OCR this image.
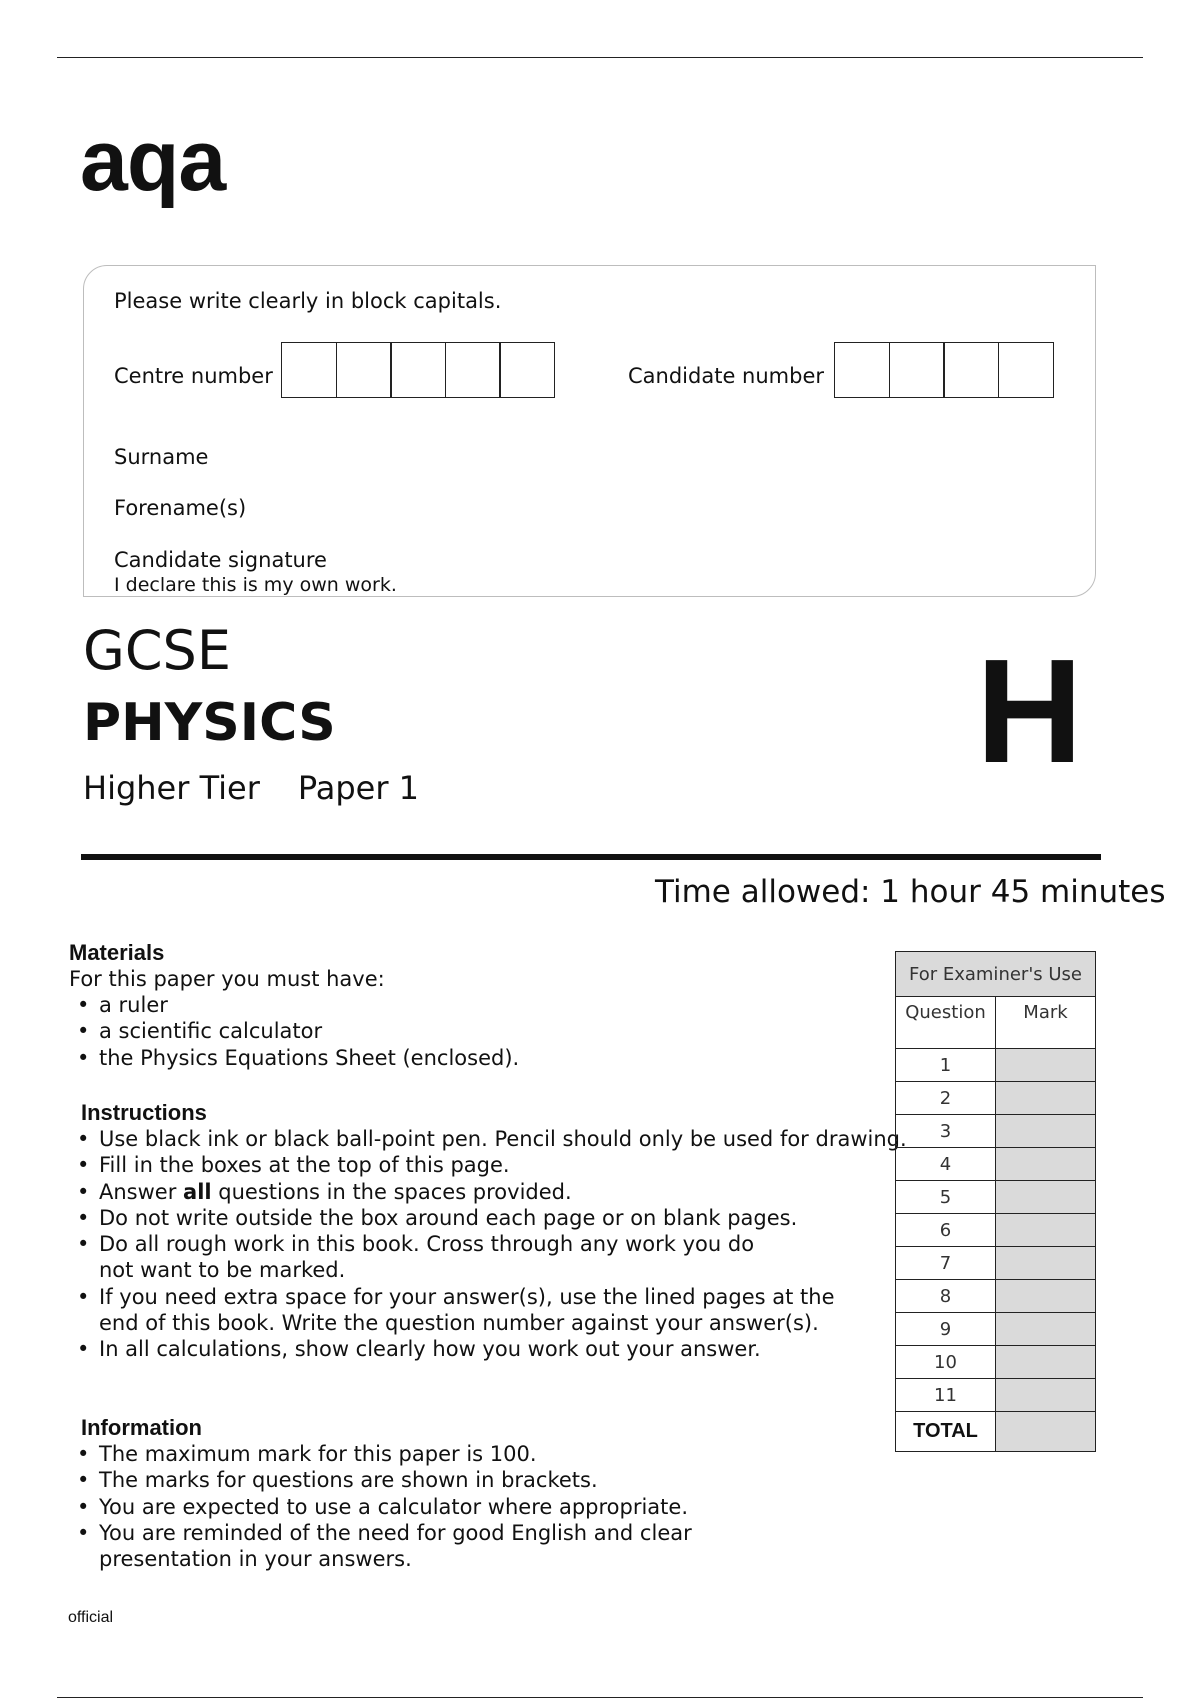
aqa
Please write clearly in block capitals.
Centre number	Candidate number
Surname
Forename(s)
Candidate signature
I declare this is my own work.
GCSE
PHYSICS
Higher Tier Paper 1	H
Time allowed: 1 hour 45 minutes
Materials
For this paper you must have:
• a ruler
• a scientific calculator
• the Physics Equations Sheet (enclosed).
Instructions
• Use black ink or black ball-point pen. Pencil should only be used for drawing.
• Fill in the boxes at the top of this page.
• Answer all questions in the spaces provided.
• Do not write outside the box around each page or on blank pages.
• Do all rough work in this book. Cross through any work you do not want to be marked.
• If you need extra space for your answer(s), use the lined pages at the end of this book. Write the question number against your answer(s).
• In all calculations, show clearly how you work out your answer.
Information
• The maximum mark for this paper is 100.
• The marks for questions are shown in brackets.
• You are expected to use a calculator where appropriate.
• You are reminded of the need for good English and clear presentation in your answers.
For Examiner's Use	
Question	Mark
1	
2	
3	
4	
5	
6	
7	
8	
9	
10	
11	
TOTAL	
official
